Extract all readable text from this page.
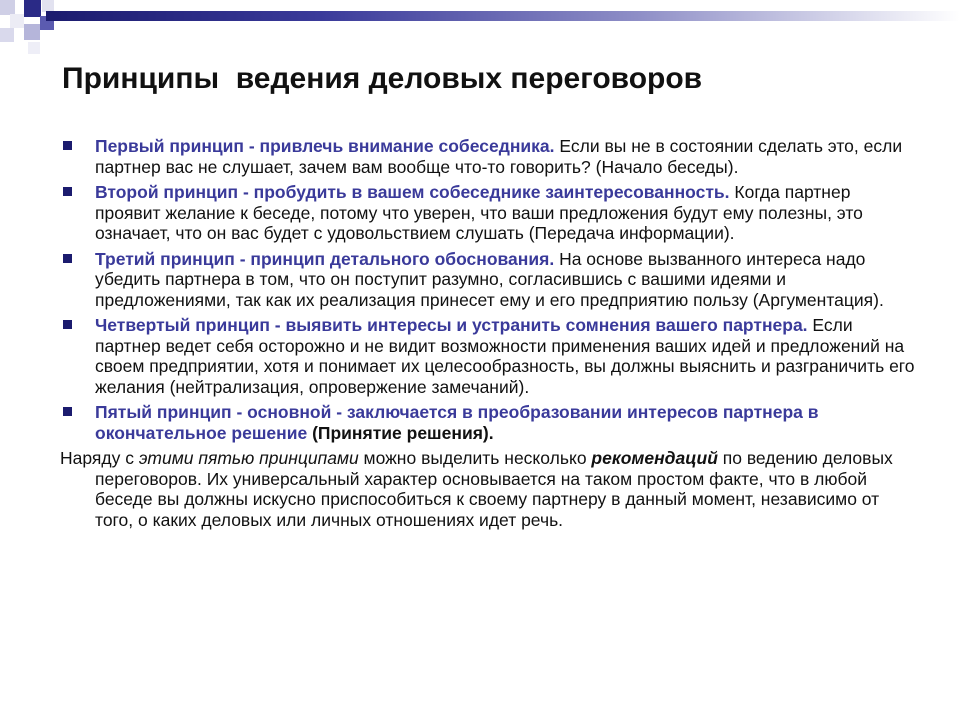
Принципы  ведения деловых переговоров
Первый принцип - привлечь внимание собеседника. Если вы не в состоянии сделать это, если партнер вас не слушает, зачем вам вообще что-то говорить? (Начало беседы).
Второй принцип - пробудить в вашем собеседнике заинтересованность. Когда партнер проявит желание к беседе, потому что уверен, что ваши предложения будут ему полезны, это означает, что он вас будет с удовольствием слушать (Передача информации).
Третий принцип - принцип детального обоснования. На основе вызванного интереса надо убедить партнера в том, что он поступит разумно, согласившись с вашими идеями и предложениями, так как их реализация принесет ему и его предприятию пользу (Аргументация).
Четвертый принцип - выявить интересы и устранить сомнения вашего партнера. Если партнер ведет себя осторожно и не видит возможности применения ваших идей и предложений на своем предприятии, хотя и понимает их целесообразность, вы должны выяснить и разграничить его желания (нейтрализация, опровержение замечаний).
Пятый принцип - основной - заключается в преобразовании интересов партнера в окончательное решение (Принятие решения).
Наряду с этими пятью принципами можно выделить несколько рекомендаций по ведению деловых переговоров. Их универсальный характер основывается на таком простом факте, что в любой беседе вы должны искусно приспособиться к своему партнеру в данный момент, независимо от того, о каких деловых или личных отношениях идет речь.
